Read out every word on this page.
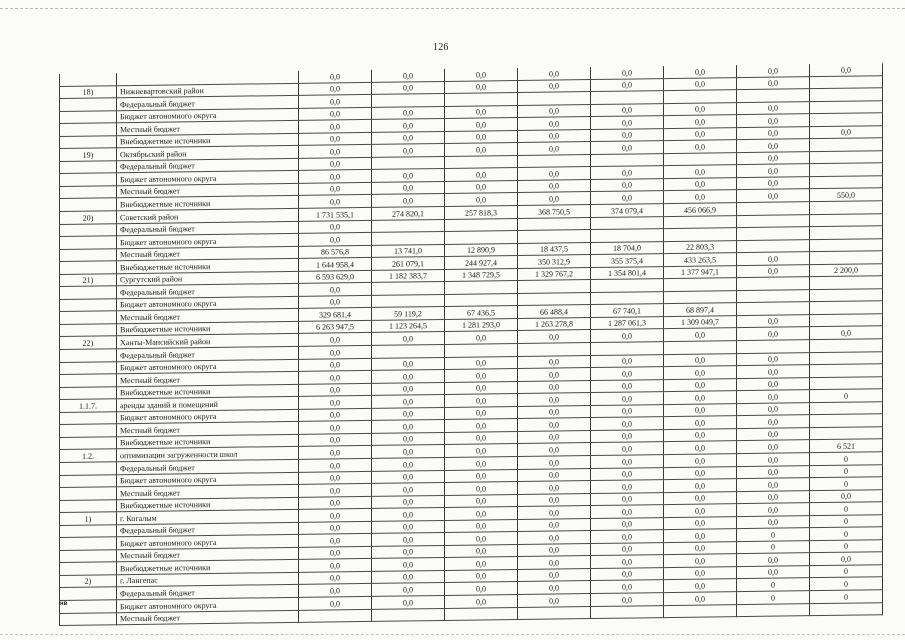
126
		0,0	0,0	0,0	0,0	0,0	0,0	0,0	0,0
18)	Нижневартовский район	0,0	0,0	0,0	0,0	0,0	0,0	0,0	
	Федеральный бюджет	0,0							
	Бюджет автономного округа	0,0	0,0	0,0	0,0	0,0	0,0	0,0	
	Местный бюджет	0,0	0,0	0,0	0,0	0,0	0,0	0,0	
	Внебюджетные источники	0,0	0,0	0,0	0,0	0,0	0,0	0,0	0,0
19)	Октябрьский район	0,0	0,0	0,0	0,0	0,0	0,0	0,0	
	Федеральный бюджет	0,0						0,0	
	Бюджет автономного округа	0,0	0,0	0,0	0,0	0,0	0,0	0,0	
	Местный бюджет	0,0	0,0	0,0	0,0	0,0	0,0	0,0	
	Внебюджетные источники	0,0	0,0	0,0	0,0	0,0	0,0	0,0	550,0
20)	Советский район	1 731 535,1	274 820,1	257 818,3	368 750,5	374 079,4	456 066,9		
	Федеральный бюджет	0,0							
	Бюджет автономного округа	0,0							
	Местный бюджет	86 576,8	13 741,0	12 890,9	18 437,5	18 704,0	22 803,3		
	Внебюджетные источники	1 644 958,4	261 079,1	244 927,4	350 312,9	355 375,4	433 263,5	0,0	
21)	Сургутский район	6 593 629,0	1 182 383,7	1 348 729,5	1 329 767,2	1 354 801,4	1 377 947,1	0,0	2 200,0
	Федеральный бюджет	0,0							
	Бюджет автономного округа	0,0							
	Местный бюджет	329 681,4	59 119,2	67 436,5	66 488,4	67 740,1	68 897,4		
	Внебюджетные источники	6 263 947,5	1 123 264,5	1 281 293,0	1 263 278,8	1 287 061,3	1 309 049,7	0,0	
22)	Ханты-Мансийский район	0,0	0,0	0,0	0,0	0,0	0,0	0,0	0,0
	Федеральный бюджет	0,0							
	Бюджет автономного округа	0,0	0,0	0,0	0,0	0,0	0,0	0,0	
	Местный бюджет	0,0	0,0	0,0	0,0	0,0	0,0	0,0	
	Внебюджетные источники	0,0	0,0	0,0	0,0	0,0	0,0	0,0	
1.1.7.	аренды зданий и помещений	0,0	0,0	0,0	0,0	0,0	0,0	0,0	0
	Бюджет автономного округа	0,0	0,0	0,0	0,0	0,0	0,0	0,0	
	Местный бюджет	0,0	0,0	0,0	0,0	0,0	0,0	0,0	
	Внебюджетные источники	0,0	0,0	0,0	0,0	0,0	0,0	0,0	
1.2.	оптимизации загруженности школ	0,0	0,0	0,0	0,0	0,0	0,0	0,0	6 521
	Федеральный бюджет	0,0	0,0	0,0	0,0	0,0	0,0	0,0	0
	Бюджет автономного округа	0,0	0,0	0,0	0,0	0,0	0,0	0,0	0
	Местный бюджет	0,0	0,0	0,0	0,0	0,0	0,0	0,0	0
	Внебюджетные источники	0,0	0,0	0,0	0,0	0,0	0,0	0,0	0,0
1)	г. Когалым	0,0	0,0	0,0	0,0	0,0	0,0	0,0	0
	Федеральный бюджет	0,0	0,0	0,0	0,0	0,0	0,0	0,0	0
	Бюджет автономного округа	0,0	0,0	0,0	0,0	0,0	0,0	0	0
	Местный бюджет	0,0	0,0	0,0	0,0	0,0	0,0	0	0
	Внебюджетные источники	0,0	0,0	0,0	0,0	0,0	0,0	0,0	0,0
2)	г. Лангепас	0,0	0,0	0,0	0,0	0,0	0,0	0,0	0
	Федеральный бюджет	0,0	0,0	0,0	0,0	0,0	0,0	0	0
	Бюджет автономного округа	0,0	0,0	0,0	0,0	0,0	0,0	0	0
	Местный бюджет								
нв
